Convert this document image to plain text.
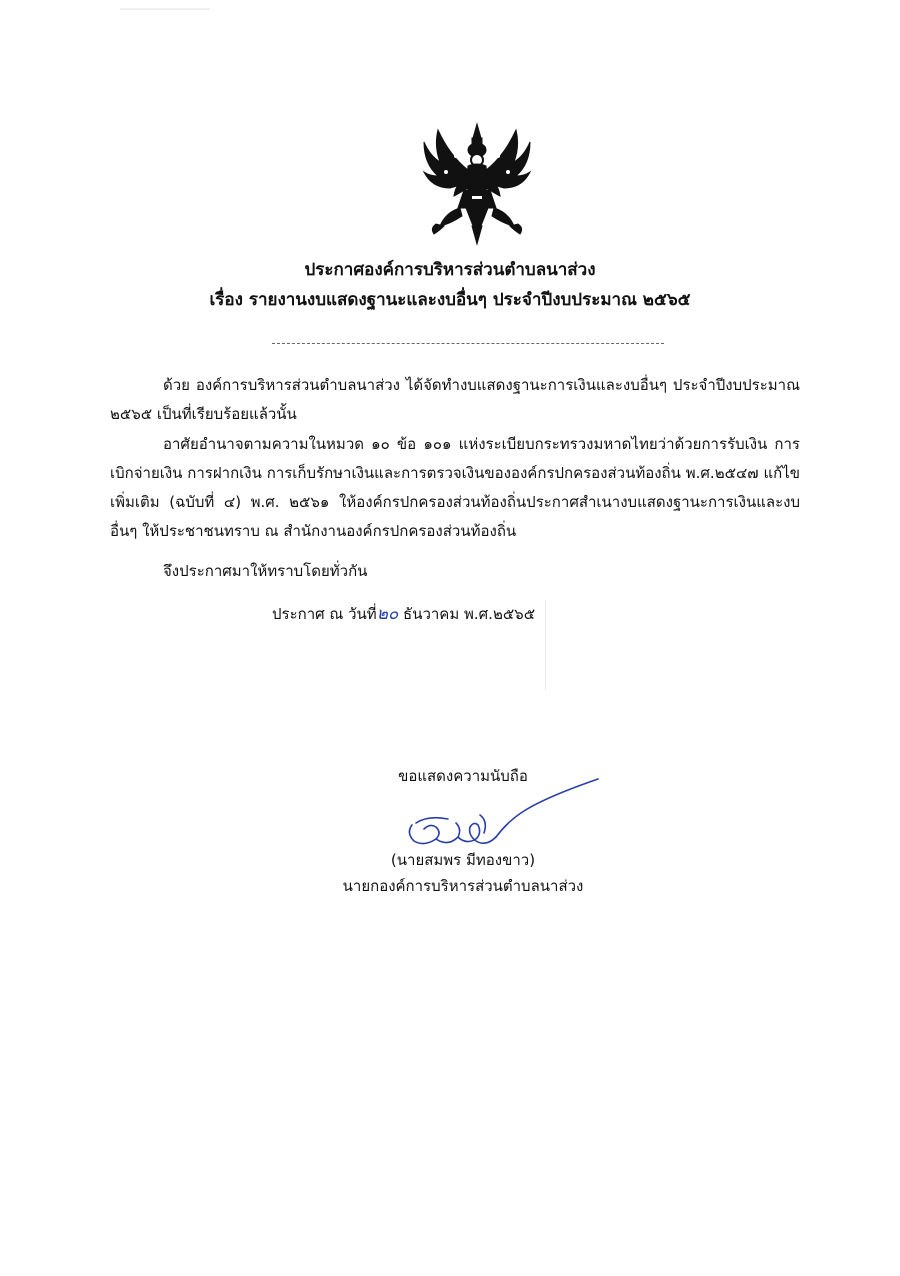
ประกาศองค์การบริหารส่วนตำบลนาส่วง
เรื่อง รายงานงบแสดงฐานะและงบอื่นๆ ประจำปีงบประมาณ ๒๕๖๕
ด้วย องค์การบริหารส่วนตำบลนาส่วง ได้จัดทำงบแสดงฐานะการเงินและงบอื่นๆ ประจำปีงบประมาณ ๒๕๖๕ เป็นที่เรียบร้อยแล้วนั้น
อาศัยอำนาจตามความในหมวด ๑๐ ข้อ ๑๐๑ แห่งระเบียบกระทรวงมหาดไทยว่าด้วยการรับเงิน การเบิกจ่ายเงิน การฝากเงิน การเก็บรักษาเงินและการตรวจเงินขององค์กรปกครองส่วนท้องถิ่น พ.ศ.๒๕๔๗ แก้ไขเพิ่มเติม (ฉบับที่ ๔) พ.ศ. ๒๕๖๑ ให้องค์กรปกครองส่วนท้องถิ่นประกาศสำเนางบแสดงฐานะการเงินและงบอื่นๆ ให้ประชาชนทราบ ณ สำนักงานองค์กรปกครองส่วนท้องถิ่น
จึงประกาศมาให้ทราบโดยทั่วกัน
ประกาศ ณ วันที่๒๐ ธันวาคม พ.ศ.๒๕๖๕
ขอแสดงความนับถือ
(นายสมพร มีทองขาว)
นายกองค์การบริหารส่วนตำบลนาส่วง
